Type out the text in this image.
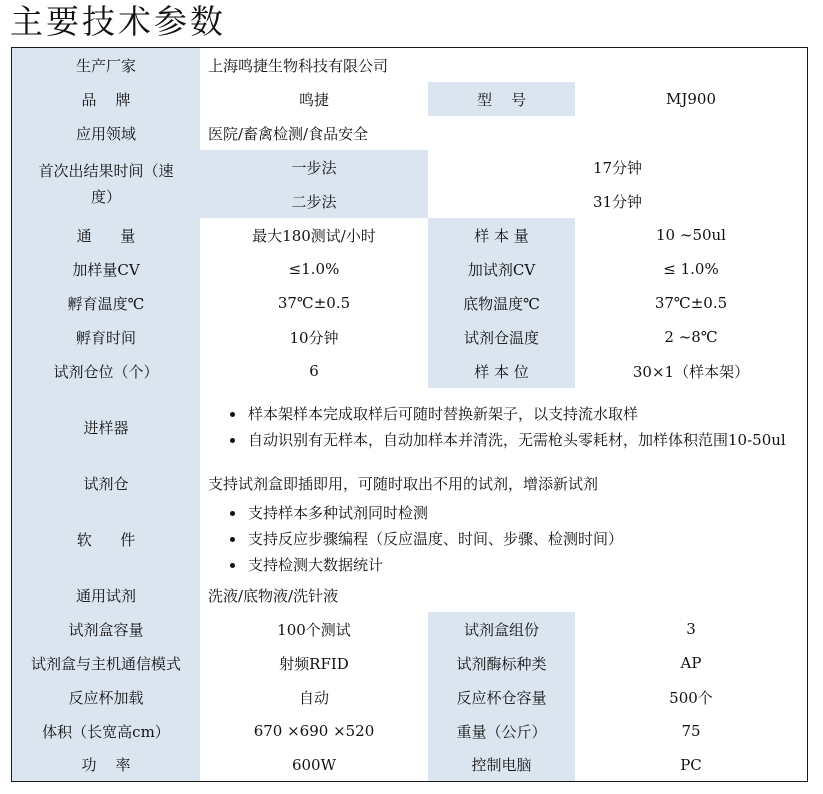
主要技术参数
生产厂家	上海鸣捷生物科技有限公司
品    牌	鸣捷	型    号	MJ900
应用领域	医院/畜禽检测/食品安全
首次出结果时间（速度）
一步法	17分钟
二步法	31分钟
通      量	最大180测试/小时	样 本 量	10 ~50ul
加样量CV	≤1.0%	加试剂CV	≤ 1.0%
孵育温度℃	37℃±0.5	底物温度℃	37℃±0.5
孵育时间	10分钟	试剂仓温度	2 ~8℃
试剂仓位（个）	6	样 本 位	30×1（样本架）
进样器
• 样本架样本完成取样后可随时替换新架子，以支持流水取样
• 自动识别有无样本，自动加样本并清洗，无需枪头零耗材，加样体积范围10-50ul
试剂仓	支持试剂盒即插即用，可随时取出不用的试剂，增添新试剂
软      件
• 支持样本多种试剂同时检测
• 支持反应步骤编程（反应温度、时间、步骤、检测时间）
• 支持检测大数据统计
通用试剂	洗液/底物液/洗针液
试剂盒容量	100个测试	试剂盒组份	3
试剂盒与主机通信模式	射频RFID	试剂酶标种类	AP
反应杯加载	自动	反应杯仓容量	500个
体积（长宽高cm）	670 ×690 ×520	重量（公斤）	75
功    率	600W	控制电脑	PC
